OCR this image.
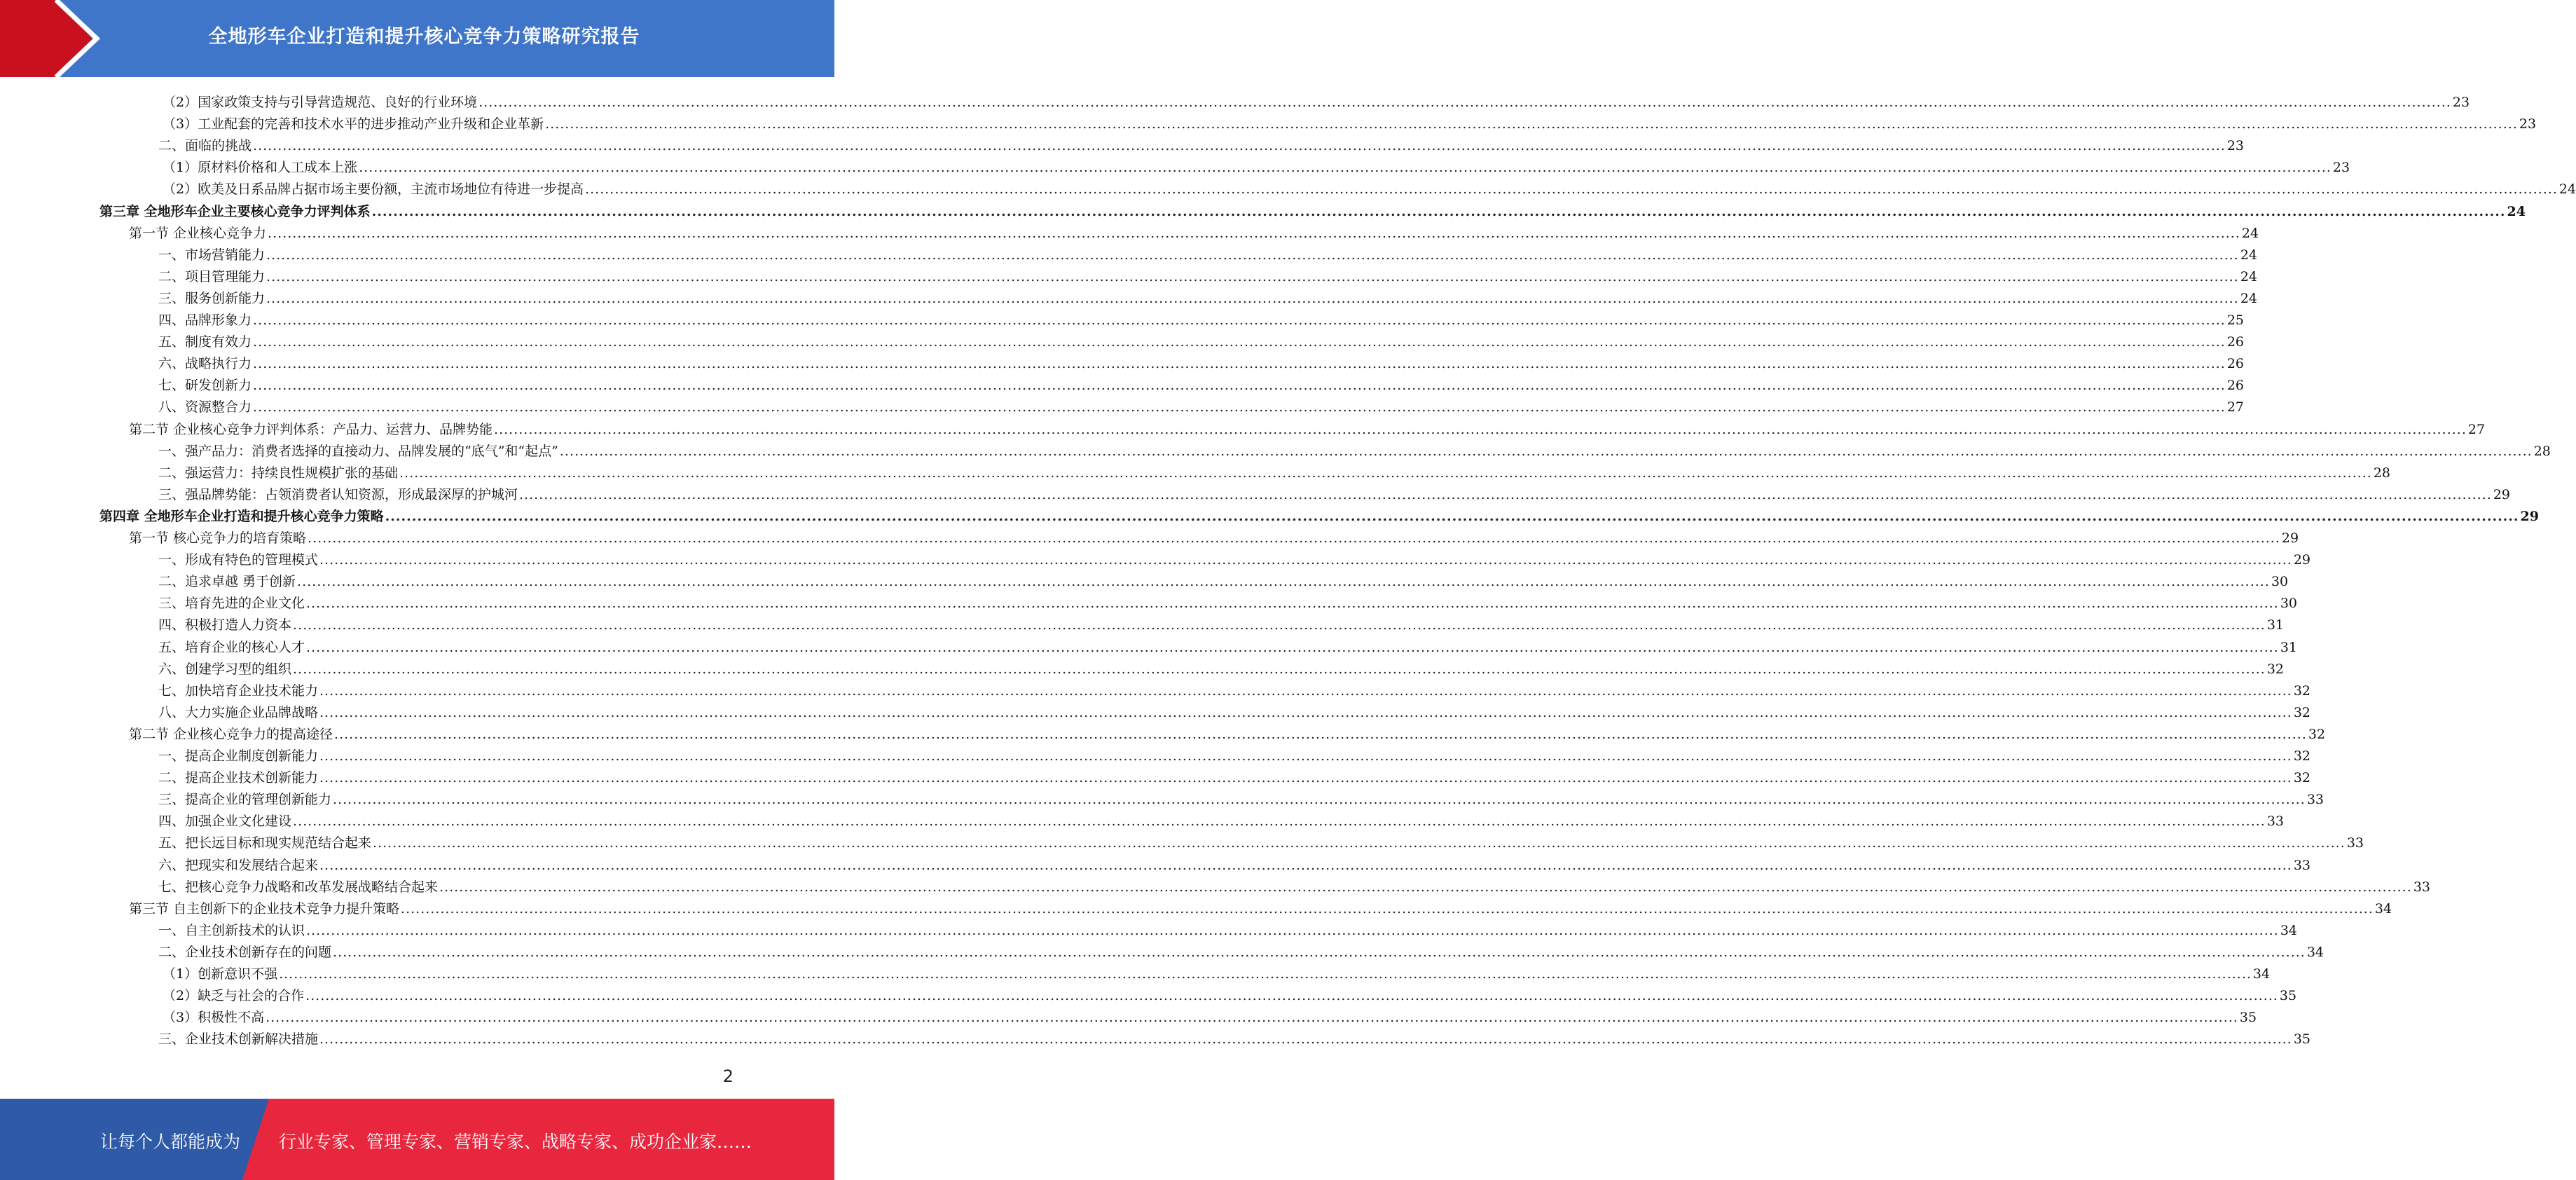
全地形车企业打造和提升核心竞争力策略研究报告
（2）国家政策支持与引导营造规范、良好的行业环境 ................................................................................................................................................................................................................................................................................................................................................................................................................ 23
（3）工业配套的完善和技术水平的进步推动产业升级和企业革新 ................................................................................................................................................................................................................................................................................................................................................................................................................ 23
二、面临的挑战 ................................................................................................................................................................................................................................................................................................................................................................................................................ 23
（1）原材料价格和人工成本上涨 ................................................................................................................................................................................................................................................................................................................................................................................................................ 23
（2）欧美及日系品牌占据市场主要份额，主流市场地位有待进一步提高 ................................................................................................................................................................................................................................................................................................................................................................................................................ 24
第三章 全地形车企业主要核心竞争力评判体系 ................................................................................................................................................................................................................................................................................................................................................................................................................ 24
第一节 企业核心竞争力 ................................................................................................................................................................................................................................................................................................................................................................................................................ 24
一、市场营销能力 ................................................................................................................................................................................................................................................................................................................................................................................................................ 24
二、项目管理能力 ................................................................................................................................................................................................................................................................................................................................................................................................................ 24
三、服务创新能力 ................................................................................................................................................................................................................................................................................................................................................................................................................ 24
四、品牌形象力 ................................................................................................................................................................................................................................................................................................................................................................................................................ 25
五、制度有效力 ................................................................................................................................................................................................................................................................................................................................................................................................................ 26
六、战略执行力 ................................................................................................................................................................................................................................................................................................................................................................................................................ 26
七、研发创新力 ................................................................................................................................................................................................................................................................................................................................................................................................................ 26
八、资源整合力 ................................................................................................................................................................................................................................................................................................................................................................................................................ 27
第二节 企业核心竞争力评判体系：产品力、运营力、品牌势能 ................................................................................................................................................................................................................................................................................................................................................................................................................ 27
一、强产品力：消费者选择的直接动力、品牌发展的“底气”和“起点” ................................................................................................................................................................................................................................................................................................................................................................................................................ 28
二、强运营力：持续良性规模扩张的基础 ................................................................................................................................................................................................................................................................................................................................................................................................................ 28
三、强品牌势能：占领消费者认知资源，形成最深厚的护城河 ................................................................................................................................................................................................................................................................................................................................................................................................................ 29
第四章 全地形车企业打造和提升核心竞争力策略 ................................................................................................................................................................................................................................................................................................................................................................................................................ 29
第一节 核心竞争力的培育策略 ................................................................................................................................................................................................................................................................................................................................................................................................................ 29
一、形成有特色的管理模式 ................................................................................................................................................................................................................................................................................................................................................................................................................ 29
二、追求卓越 勇于创新 ................................................................................................................................................................................................................................................................................................................................................................................................................ 30
三、培育先进的企业文化 ................................................................................................................................................................................................................................................................................................................................................................................................................ 30
四、积极打造人力资本 ................................................................................................................................................................................................................................................................................................................................................................................................................ 31
五、培育企业的核心人才 ................................................................................................................................................................................................................................................................................................................................................................................................................ 31
六、创建学习型的组织 ................................................................................................................................................................................................................................................................................................................................................................................................................ 32
七、加快培育企业技术能力 ................................................................................................................................................................................................................................................................................................................................................................................................................ 32
八、大力实施企业品牌战略 ................................................................................................................................................................................................................................................................................................................................................................................................................ 32
第二节 企业核心竞争力的提高途径 ................................................................................................................................................................................................................................................................................................................................................................................................................ 32
一、提高企业制度创新能力 ................................................................................................................................................................................................................................................................................................................................................................................................................ 32
二、提高企业技术创新能力 ................................................................................................................................................................................................................................................................................................................................................................................................................ 32
三、提高企业的管理创新能力 ................................................................................................................................................................................................................................................................................................................................................................................................................ 33
四、加强企业文化建设 ................................................................................................................................................................................................................................................................................................................................................................................................................ 33
五、把长远目标和现实规范结合起来 ................................................................................................................................................................................................................................................................................................................................................................................................................ 33
六、把现实和发展结合起来 ................................................................................................................................................................................................................................................................................................................................................................................................................ 33
七、把核心竞争力战略和改革发展战略结合起来 ................................................................................................................................................................................................................................................................................................................................................................................................................ 33
第三节 自主创新下的企业技术竞争力提升策略 ................................................................................................................................................................................................................................................................................................................................................................................................................ 34
一、自主创新技术的认识 ................................................................................................................................................................................................................................................................................................................................................................................................................ 34
二、企业技术创新存在的问题 ................................................................................................................................................................................................................................................................................................................................................................................................................ 34
（1）创新意识不强 ................................................................................................................................................................................................................................................................................................................................................................................................................ 34
（2）缺乏与社会的合作 ................................................................................................................................................................................................................................................................................................................................................................................................................ 35
（3）积极性不高 ................................................................................................................................................................................................................................................................................................................................................................................................................ 35
三、企业技术创新解决措施 ................................................................................................................................................................................................................................................................................................................................................................................................................ 35
2
让每个人都能成为 行业专家、管理专家、营销专家、战略专家、成功企业家……
